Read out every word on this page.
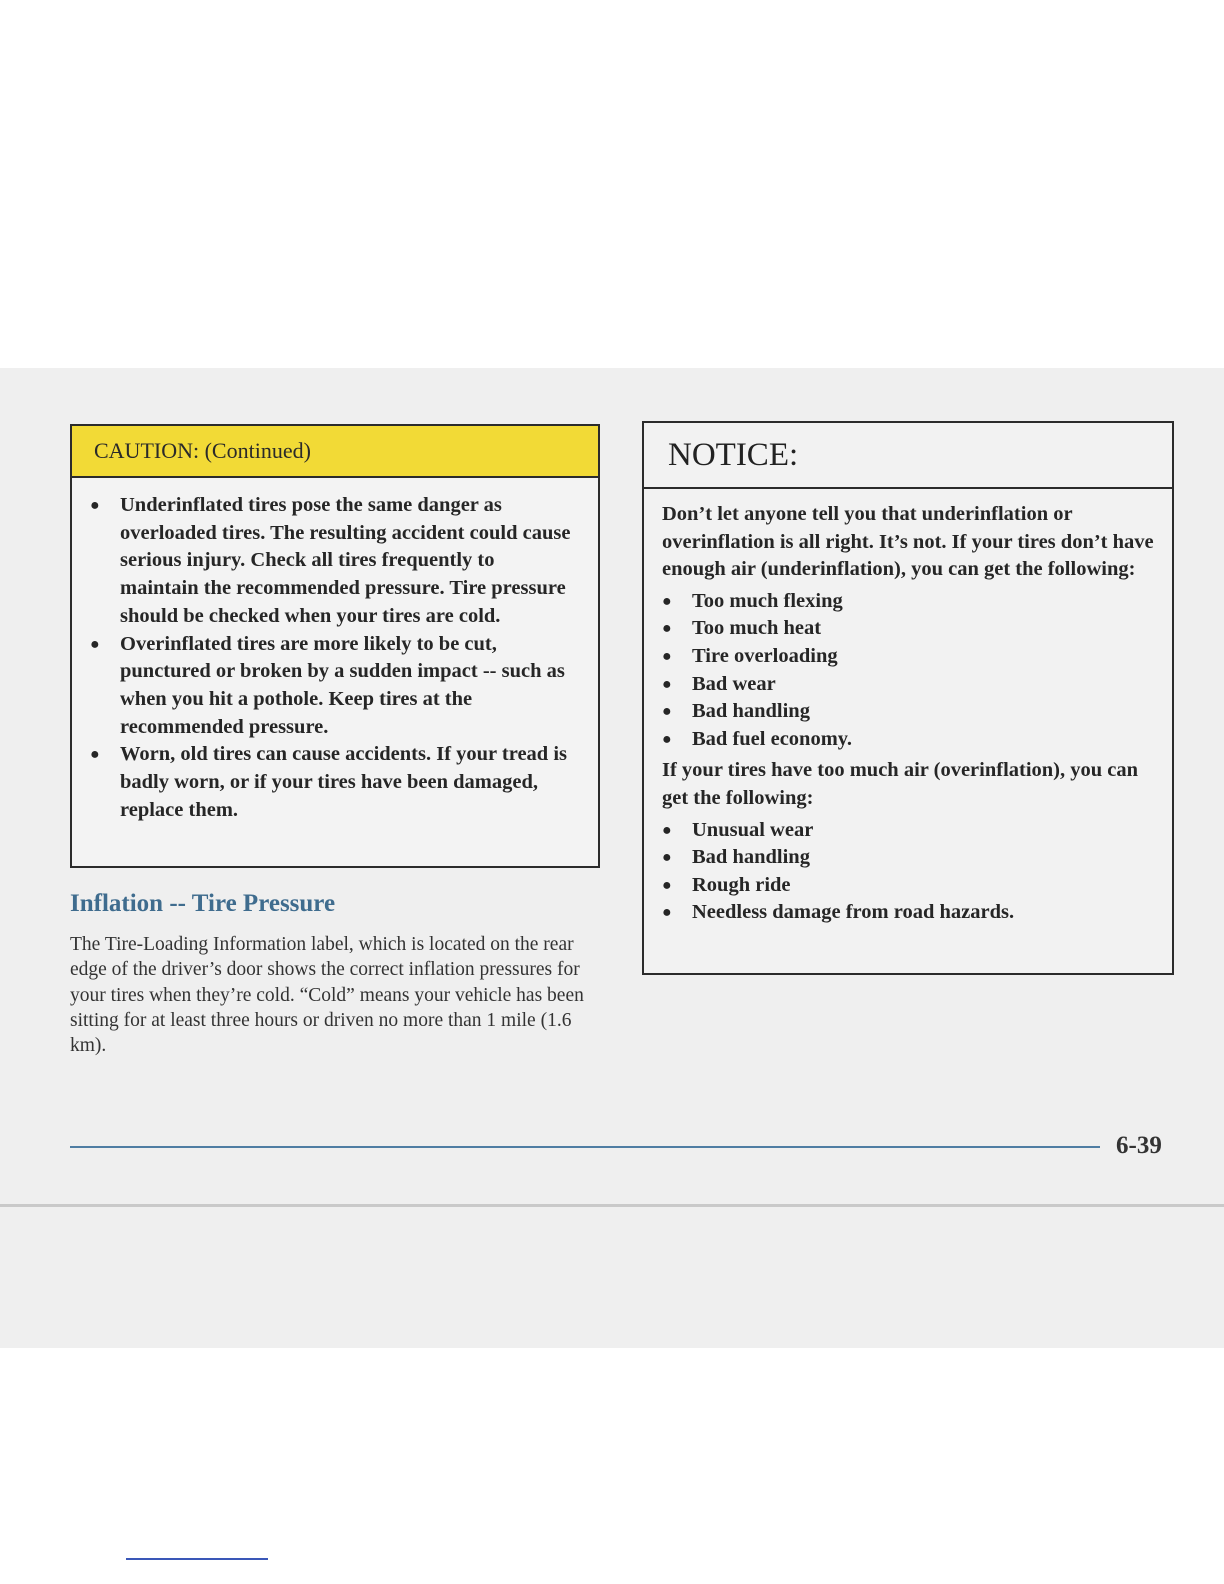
CAUTION: (Continued)
● Underinflated tires pose the same danger as overloaded tires. The resulting accident could cause serious injury. Check all tires frequently to maintain the recommended pressure. Tire pressure should be checked when your tires are cold.
● Overinflated tires are more likely to be cut, punctured or broken by a sudden impact -- such as when you hit a pothole. Keep tires at the recommended pressure.
● Worn, old tires can cause accidents. If your tread is badly worn, or if your tires have been damaged, replace them.
Inflation -- Tire Pressure

The Tire-Loading Information label, which is located on the rear edge of the driver’s door shows the correct inflation pressures for your tires when they’re cold. “Cold” means your vehicle has been sitting for at least three hours or driven no more than 1 mile (1.6 km).

NOTICE:

Don’t let anyone tell you that underinflation or overinflation is all right. It’s not. If your tires don’t have enough air (underinflation), you can get the following:

● Too much flexing
● Too much heat
● Tire overloading
● Bad wear
● Bad handling
● Bad fuel economy.

If your tires have too much air (overinflation), you can get the following:

● Unusual wear
● Bad handling
● Rough ride
● Needless damage from road hazards.
6-39
